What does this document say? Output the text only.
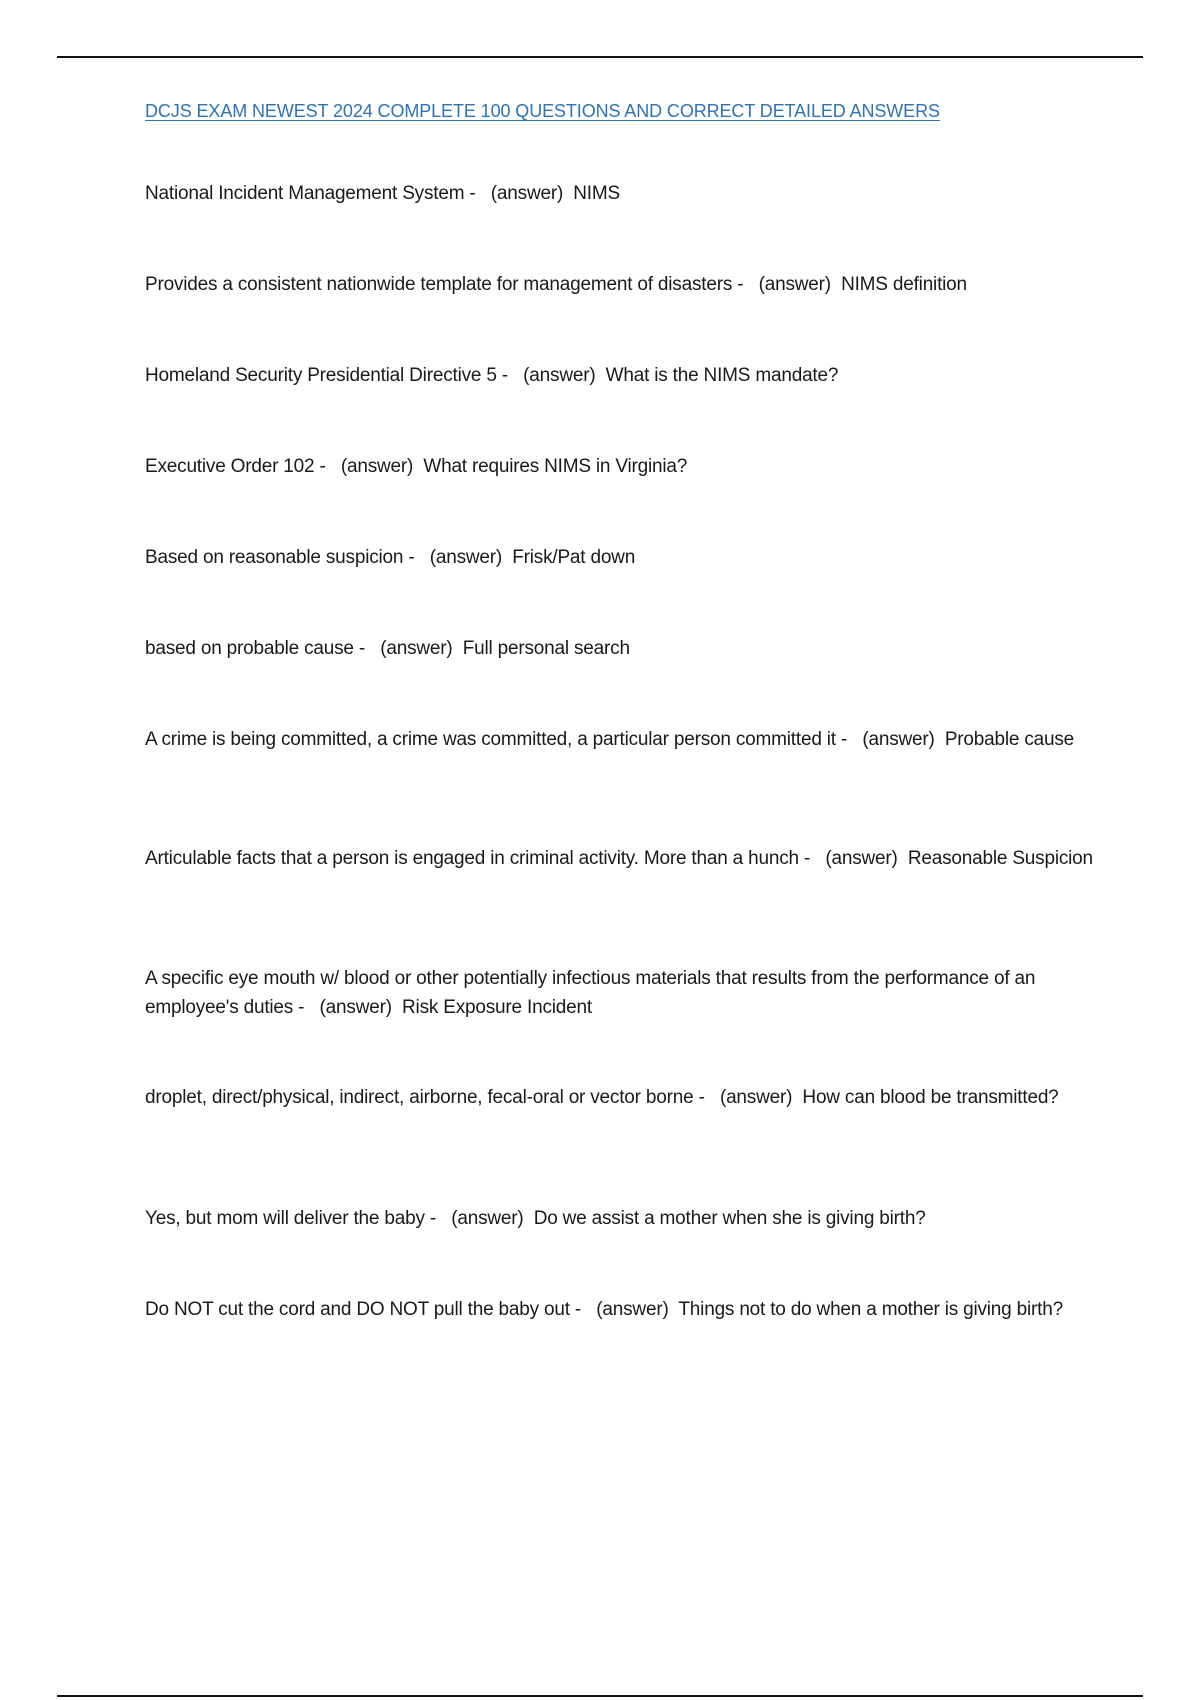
DCJS EXAM NEWEST 2024 COMPLETE 100 QUESTIONS AND CORRECT DETAILED ANSWERS
National Incident Management System -   (answer) NIMS
Provides a consistent nationwide template for management of disasters -   (answer) NIMS definition
Homeland Security Presidential Directive 5 -   (answer) What is the NIMS mandate?
Executive Order 102 -   (answer) What requires NIMS in Virginia?
Based on reasonable suspicion -   (answer) Frisk/Pat down
based on probable cause -   (answer) Full personal search
A crime is being committed, a crime was committed, a particular person committed it -   (answer) Probable cause
Articulable facts that a person is engaged in criminal activity. More than a hunch -   (answer) Reasonable Suspicion
A specific eye mouth w/ blood or other potentially infectious materials that results from the performance of an employee's duties -   (answer) Risk Exposure Incident
droplet, direct/physical, indirect, airborne, fecal-oral or vector borne -   (answer) How can blood be transmitted?
Yes, but mom will deliver the baby -   (answer) Do we assist a mother when she is giving birth?
Do NOT cut the cord and DO NOT pull the baby out -   (answer) Things not to do when a mother is giving birth?
